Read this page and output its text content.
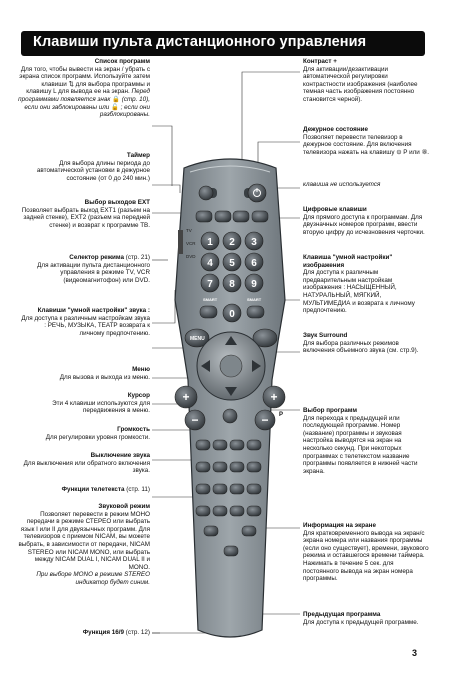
Клавиши пульта дистанционного управления
TV
VCR
DVD
1 2 3
4 5 6
7 8 9
0
SMART	SMART
MENU
+	+
−	− P
Список программ
Для того, чтобы вывести на экран / убрать с экрана список программ. Используйте затем клавиши ⇅ для выбора программы и клавишу L для вывода ее на экран. Перед программами появляется знак 🔒 (стр. 10), если они заблокированы или 🔓 ; если они разблокированы.
Таймер
Для выбора длины периода до автоматической установки в дежурное состояние (от 0 до 240 мин.)
Выбор выходов EXT
Позволяет выбрать выход EXT1 (разъем на задней стенке), EXT2 (разъем на передней стенке) и возврат к программе ТВ.
Селектор режима (стр. 21)
Для активации пульта дистанционного управления в режиме TV, VCR (видеомагнитофон) или DVD.
Клавиши "умной настройки" звука :
Для доступа к различным настройкам звука : РЕЧЬ, МУЗЫКА, ТЕАТР возврата к личному предпочтению.
Меню
Для вызова и выхода из меню.
Курсор
Эти 4 клавиши используются для передвижения в меню.
Громкость
Для регулировки уровня громкости.
Выключение звука
Для выключения или обратного включения звука.
Функции телетекста (стр. 11)
Звуковой режим
Позволяет перевести в режим МОНО передачи в режиме СТЕРЕО или выбрать язык I или II для двуязычных программ. Для телевизоров с приемом NICAM, вы можете выбрать, в зависимости от передачи, NICAM STEREO или NICAM MONO, или выбрать между NICAM DUAL I, NICAM DUAL II и MONO.
При выборе MONO в режиме STEREO индикатор будет синим.
Функция 16/9 (стр. 12)
Контраст +
Для активации/дезактивации автоматической регулировки контрастности изображения (наиболее темная часть изображения постоянно становится черной).
Дежурное состояние
Позволяет перевести телевизор в дежурное состояние. Для включения телевизора нажать на клавишу ⊝ P или ⑧.
клавиша не используется
Цифровые клавиши
Для прямого доступа к программам. Для двузначных номеров программ, ввести вторую цифру до исчезновения черточки.
Клавиша "умной настройки" изображения
Для доступа к различным предварительным настройкам изображения : НАСЫЩЕННЫЙ, НАТУРАЛЬНЫЙ, МЯГКИЙ, МУЛЬТИМЕДИА и возврата к личному предпочтению.
Звук Surround
Для выбора различных режимов включения объемного звука (см. стр.9).
Выбор программ
Для перехода к предыдущей или последующей программе. Номер (название) программы и звуковая настройка выводятся на экран на несколько секунд. При некоторых программах с телетекстом название программы появляется в нижней части экрана.
Информация на экране
Для кратковременного вывода на экран/с экрана номера или названия программы (если оно существует), времени, звукового режима и оставшегося времени таймера. Нажимать в течение 5 сек. для постоянного вывода на экран номера программы.
Предыдущая программа
Для доступа к предыдущей программе.
3
